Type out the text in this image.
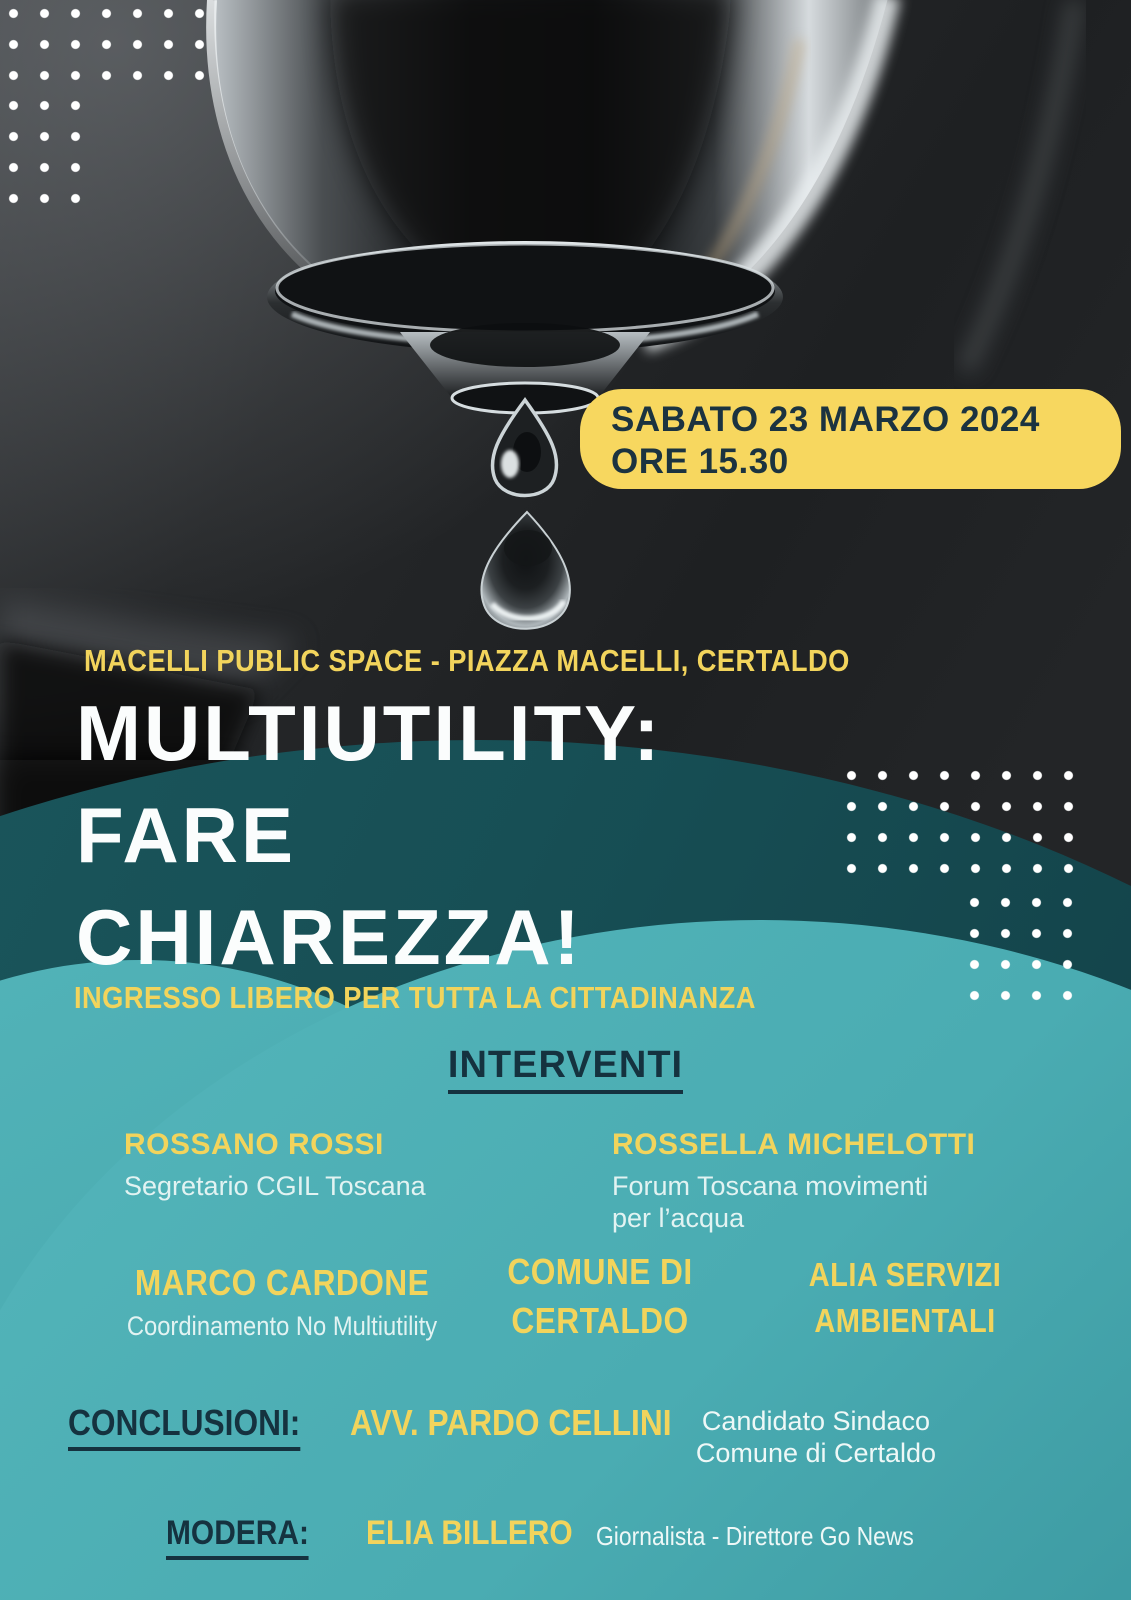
SABATO 23 MARZO 2024
ORE 15.30
MACELLI PUBLIC SPACE - PIAZZA MACELLI, CERTALDO
MULTIUTILITY:
FARE
CHIAREZZA!
INGRESSO LIBERO PER TUTTA LA CITTADINANZA
INTERVENTI
ROSSANO ROSSI
Segretario CGIL Toscana
ROSSELLA MICHELOTTI
Forum Toscana movimenti per l’acqua
MARCO CARDONE
Coordinamento No Multiutility
COMUNE DI CERTALDO
ALIA SERVIZI AMBIENTALI
CONCLUSIONI:	AVV. PARDO CELLINI	Candidato Sindaco Comune di Certaldo
MODERA:	ELIA BILLERO Giornalista - Direttore Go News
